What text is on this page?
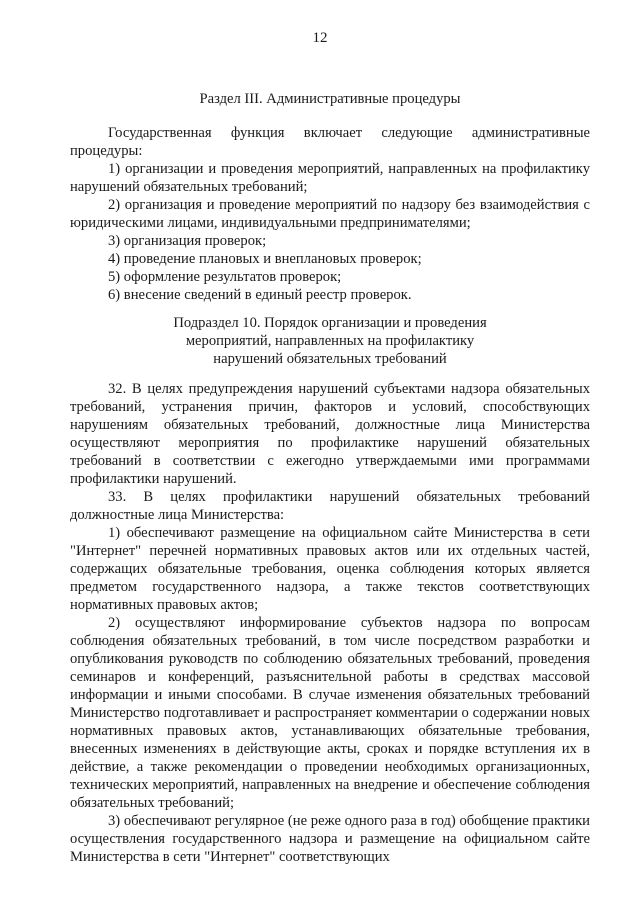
12
Раздел III. Административные процедуры

Государственная функция включает следующие административные процедуры:

1) организации и проведения мероприятий, направленных на профилактику нарушений обязательных требований;

2) организация и проведение мероприятий по надзору без взаимодействия с юридическими лицами, индивидуальными предпринимателями;

3) организация проверок;

4) проведение плановых и внеплановых проверок;

5) оформление результатов проверок;

6) внесение сведений в единый реестр проверок.

Подраздел 10. Порядок организации и проведения
мероприятий, направленных на профилактику
нарушений обязательных требований

32. В целях предупреждения нарушений субъектами надзора обязательных требований, устранения причин, факторов и условий, способствующих нарушениям обязательных требований, должностные лица Министерства осуществляют мероприятия по профилактике нарушений обязательных требований в соответствии с ежегодно утверждаемыми ими программами профилактики нарушений.

33. В целях профилактики нарушений обязательных требований должностные лица Министерства:

1) обеспечивают размещение на официальном сайте Министерства в сети "Интернет" перечней нормативных правовых актов или их отдельных частей, содержащих обязательные требования, оценка соблюдения которых является предметом государственного надзора, а также текстов соответствующих нормативных правовых актов;

2) осуществляют информирование субъектов надзора по вопросам соблюдения обязательных требований, в том числе посредством разработки и опубликования руководств по соблюдению обязательных требований, проведения семинаров и конференций, разъяснительной работы в средствах массовой информации и иными способами. В случае изменения обязательных требований Министерство подготавливает и распространяет комментарии о содержании новых нормативных правовых актов, устанавливающих обязательные требования, внесенных изменениях в действующие акты, сроках и порядке вступления их в действие, а также рекомендации о проведении необходимых организационных, технических мероприятий, направленных на внедрение и обеспечение соблюдения обязательных требований;

3) обеспечивают регулярное (не реже одного раза в год) обобщение практики осуществления государственного надзора и размещение на официальном сайте Министерства в сети "Интернет" соответствующих
